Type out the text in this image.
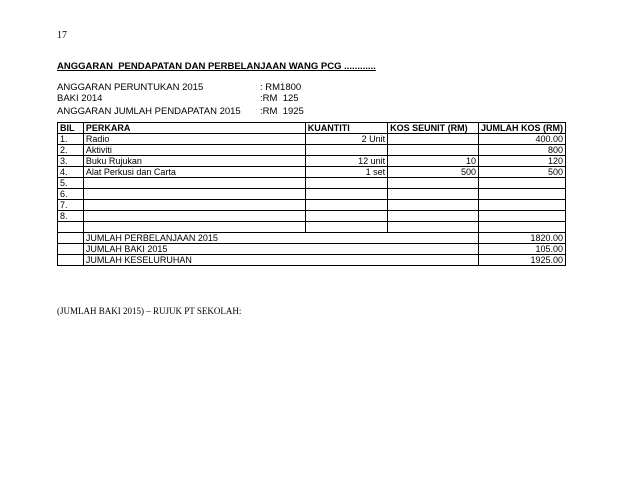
17
ANGGARAN  PENDAPATAN DAN PERBELANJAAN WANG PCG ............
ANGGARAN PERUNTUKAN 2015	: RM1800
BAKI 2014	:RM  125
ANGGARAN JUMLAH PENDAPATAN 2015	:RM  1925
BIL	PERKARA	KUANTITI	KOS SEUNIT (RM)	JUMLAH KOS (RM)
1.	Radio	2 Unit		400.00
2.	Aktiviti			800
3.	Buku Rujukan	12 unit	10	120
4.	Alat Perkusi dan Carta	1 set	500	500
5.				
6.				
7.				
8.				

	JUMLAH PERBELANJAAN 2015			1820.00
	JUMLAH BAKI 2015			105.00
	JUMLAH KESELURUHAN			1925.00
(JUMLAH BAKI 2015) – RUJUK PT SEKOLAH:
